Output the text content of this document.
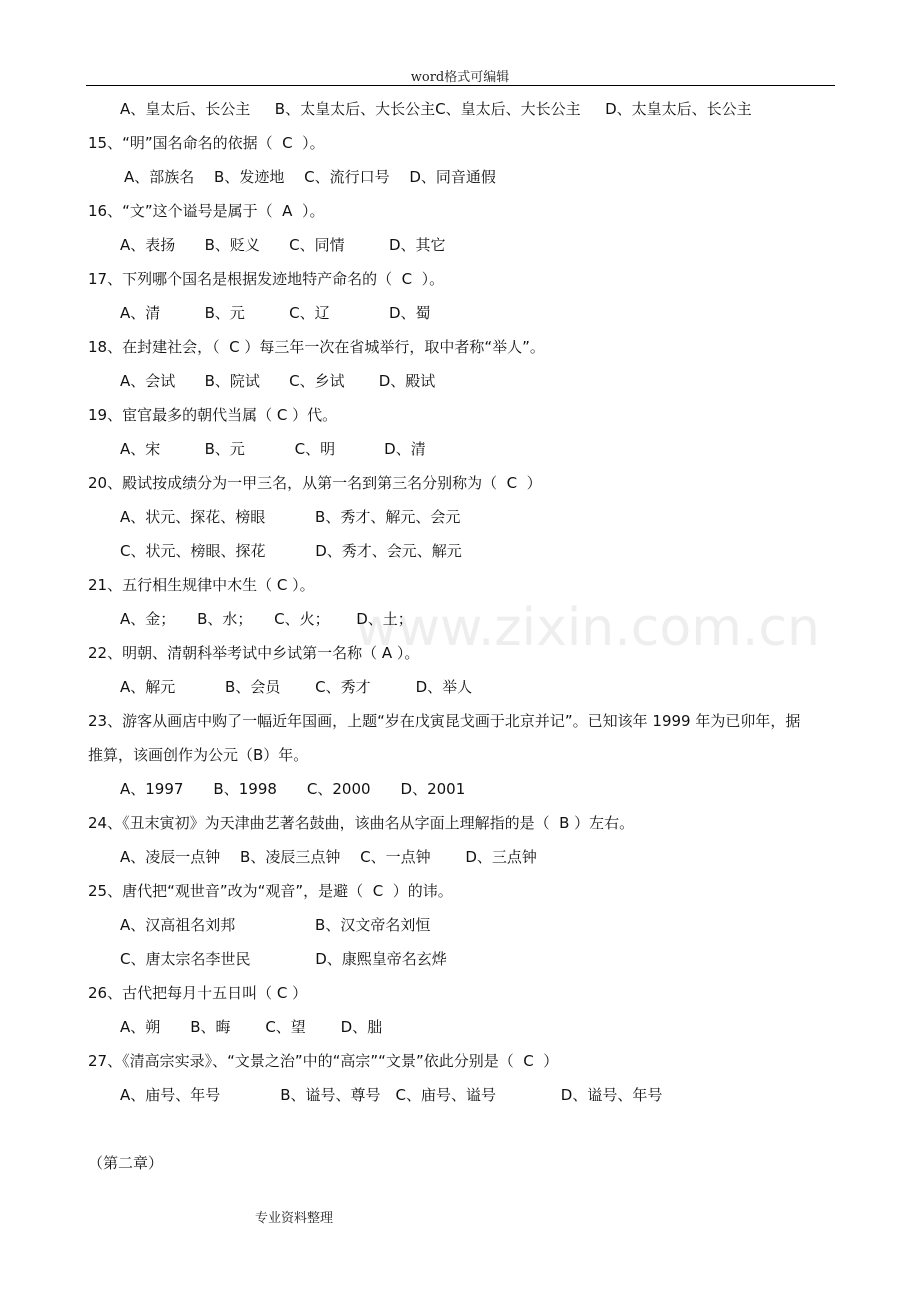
word格式可编辑
www.zixin.com.cn
A、皇太后、长公主　  B、太皇太后、大长公主C、皇太后、大长公主　  D、太皇太后、长公主
15、“明”国名命名的依据（  C  ）。
A、部族名　 B、发迹地　 C、流行口号　 D、同音通假
16、“文”这个谥号是属于（  A  ）。
A、表扬　   B、贬义　   C、同情　　   D、其它
17、下列哪个国名是根据发迹地特产命名的（  C  ）。
A、清　　   B、元　　   C、辽　　　   D、蜀
18、在封建社会，（  C ）每三年一次在省城举行，取中者称“举人”。
A、会试　   B、院试　   C、乡试　    D、殿试
19、宦官最多的朝代当属（ C ）代。
A、宋　　   B、元　　　 C、明　　    D、清
20、殿试按成绩分为一甲三名，从第一名到第三名分别称为（  C  ）
A、状元、探花、榜眼　　　 B、秀才、解元、会元
C、状元、榜眼、探花　　　 D、秀才、会元、解元
21、五行相生规律中木生（ C ）。
A、金；　   B、水；　   C、火；　    D、土；
22、明朝、清朝科举考试中乡试第一名称（ A ）。
A、解元　　　 B、会员　　 C、秀才　　　D、举人
23、游客从画店中购了一幅近年国画，上题“岁在戊寅昆戈画于北京并记”。已知该年 1999 年为已卯年，据
推算，该画创作为公元（B）年。
A、1997　　B、1998　　C、2000　　D、2001
24、《丑末寅初》为天津曲艺著名鼓曲，该曲名从字面上理解指的是（  B ）左右。
A、凌辰一点钟　 B、凌辰三点钟　 C、一点钟　　 D、三点钟
25、唐代把“观世音”改为“观音”，是避（  C  ）的讳。
A、汉高祖名刘邦　　　　　 B、汉文帝名刘恒
C、唐太宗名李世民　　　　 D、康熙皇帝名玄烨
26、古代把每月十五日叫（ C ）
A、朔　　B、晦　　 C、望　　 D、朏
27、《清高宗实录》、“文景之治”中的“高宗”“文景”依此分别是（  C  ）
A、庙号、年号　　　　B、谥号、尊号　C、庙号、谥号　　　　 D、谥号、年号
（第二章）
专业资料整理
